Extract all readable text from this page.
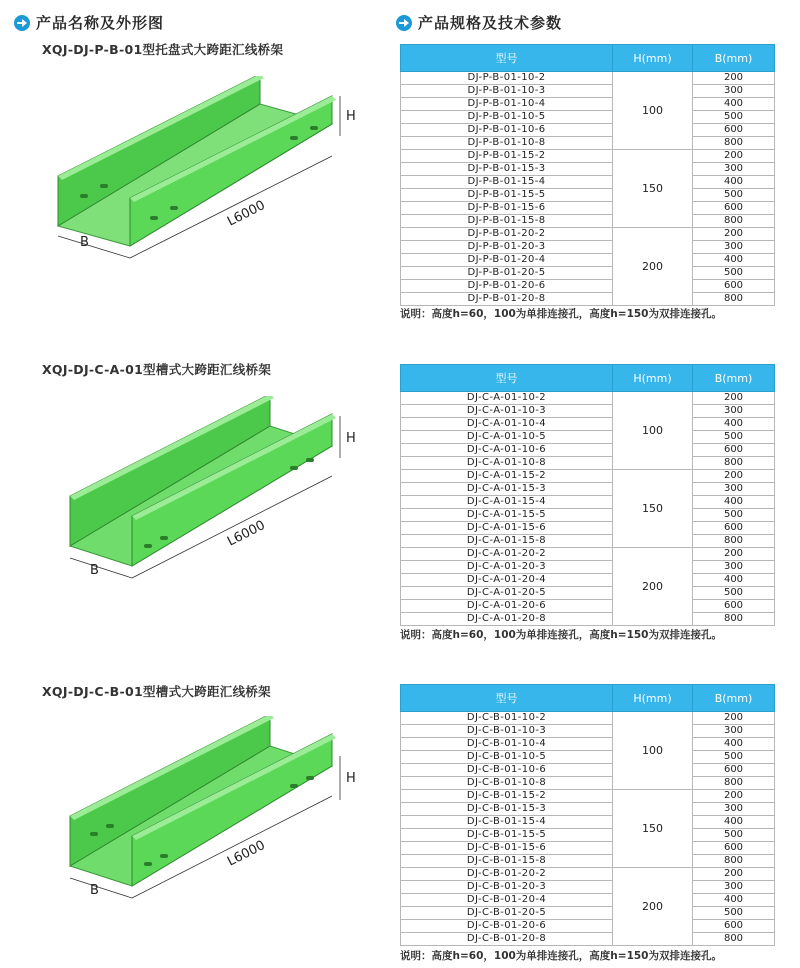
产品名称及外形图	产品规格及技术参数
XQJ-DJ-P-B-01型托盘式大跨距汇线桥架
H
B
L6000
型号	H(mm)	B(mm)
DJ-P-B-01-10-2	100	200
DJ-P-B-01-10-3		300
DJ-P-B-01-10-4		400
DJ-P-B-01-10-5		500
DJ-P-B-01-10-6		600
DJ-P-B-01-10-8		800
DJ-P-B-01-15-2	150	200
DJ-P-B-01-15-3		300
DJ-P-B-01-15-4		400
DJ-P-B-01-15-5		500
DJ-P-B-01-15-6		600
DJ-P-B-01-15-8		800
DJ-P-B-01-20-2	200	200
DJ-P-B-01-20-3		300
DJ-P-B-01-20-4		400
DJ-P-B-01-20-5		500
DJ-P-B-01-20-6		600
DJ-P-B-01-20-8		800
说明：高度h=60，100为单排连接孔，高度h=150为双排连接孔。
XQJ-DJ-C-A-01型槽式大跨距汇线桥架
H
B
L6000
型号	H(mm)	B(mm)
DJ-C-A-01-10-2	100	200
DJ-C-A-01-10-3		300
DJ-C-A-01-10-4		400
DJ-C-A-01-10-5		500
DJ-C-A-01-10-6		600
DJ-C-A-01-10-8		800
DJ-C-A-01-15-2	150	200
DJ-C-A-01-15-3		300
DJ-C-A-01-15-4		400
DJ-C-A-01-15-5		500
DJ-C-A-01-15-6		600
DJ-C-A-01-15-8		800
DJ-C-A-01-20-2	200	200
DJ-C-A-01-20-3		300
DJ-C-A-01-20-4		400
DJ-C-A-01-20-5		500
DJ-C-A-01-20-6		600
DJ-C-A-01-20-8		800
说明：高度h=60，100为单排连接孔，高度h=150为双排连接孔。
XQJ-DJ-C-B-01型槽式大跨距汇线桥架
H
B
L6000
型号	H(mm)	B(mm)
DJ-C-B-01-10-2	100	200
DJ-C-B-01-10-3		300
DJ-C-B-01-10-4		400
DJ-C-B-01-10-5		500
DJ-C-B-01-10-6		600
DJ-C-B-01-10-8		800
DJ-C-B-01-15-2	150	200
DJ-C-B-01-15-3		300
DJ-C-B-01-15-4		400
DJ-C-B-01-15-5		500
DJ-C-B-01-15-6		600
DJ-C-B-01-15-8		800
DJ-C-B-01-20-2	200	200
DJ-C-B-01-20-3		300
DJ-C-B-01-20-4		400
DJ-C-B-01-20-5		500
DJ-C-B-01-20-6		600
DJ-C-B-01-20-8		800
说明：高度h=60，100为单排连接孔，高度h=150为双排连接孔。
